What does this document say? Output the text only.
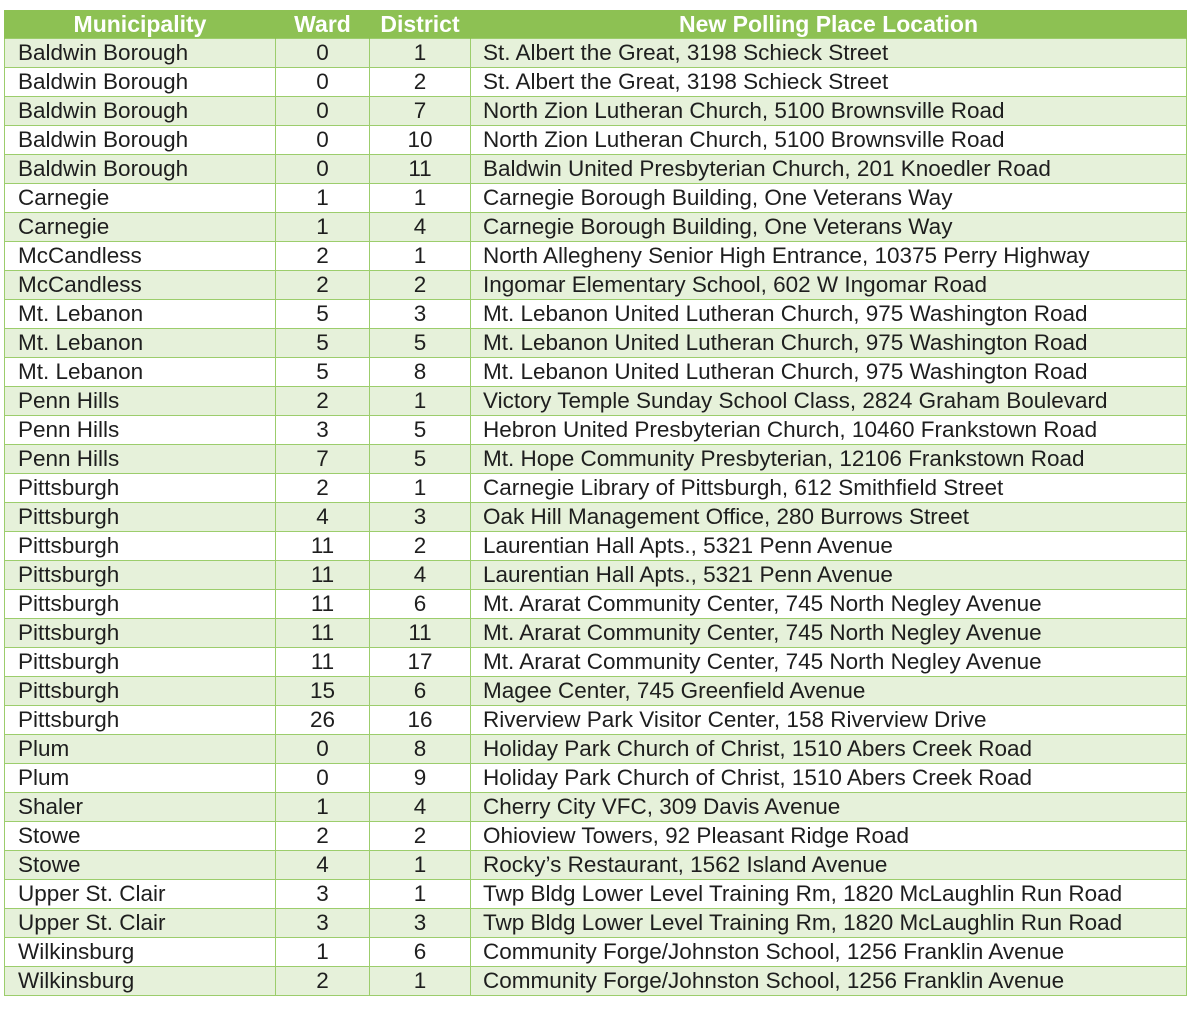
Municipality	Ward	District	New Polling Place Location
Baldwin Borough	0	1	St. Albert the Great, 3198 Schieck Street
Baldwin Borough	0	2	St. Albert the Great, 3198 Schieck Street
Baldwin Borough	0	7	North Zion Lutheran Church, 5100 Brownsville Road
Baldwin Borough	0	10	North Zion Lutheran Church, 5100 Brownsville Road
Baldwin Borough	0	11	Baldwin United Presbyterian Church, 201 Knoedler Road
Carnegie	1	1	Carnegie Borough Building, One Veterans Way
Carnegie	1	4	Carnegie Borough Building, One Veterans Way
McCandless	2	1	North Allegheny Senior High Entrance, 10375 Perry Highway
McCandless	2	2	Ingomar Elementary School, 602 W Ingomar Road
Mt. Lebanon	5	3	Mt. Lebanon United Lutheran Church, 975 Washington Road
Mt. Lebanon	5	5	Mt. Lebanon United Lutheran Church, 975 Washington Road
Mt. Lebanon	5	8	Mt. Lebanon United Lutheran Church, 975 Washington Road
Penn Hills	2	1	Victory Temple Sunday School Class, 2824 Graham Boulevard
Penn Hills	3	5	Hebron United Presbyterian Church, 10460 Frankstown Road
Penn Hills	7	5	Mt. Hope Community Presbyterian, 12106 Frankstown Road
Pittsburgh	2	1	Carnegie Library of Pittsburgh, 612 Smithfield Street
Pittsburgh	4	3	Oak Hill Management Office, 280 Burrows Street
Pittsburgh	11	2	Laurentian Hall Apts., 5321 Penn Avenue
Pittsburgh	11	4	Laurentian Hall Apts., 5321 Penn Avenue
Pittsburgh	11	6	Mt. Ararat Community Center, 745 North Negley Avenue
Pittsburgh	11	11	Mt. Ararat Community Center, 745 North Negley Avenue
Pittsburgh	11	17	Mt. Ararat Community Center, 745 North Negley Avenue
Pittsburgh	15	6	Magee Center, 745 Greenfield Avenue
Pittsburgh	26	16	Riverview Park Visitor Center, 158 Riverview Drive
Plum	0	8	Holiday Park Church of Christ, 1510 Abers Creek Road
Plum	0	9	Holiday Park Church of Christ, 1510 Abers Creek Road
Shaler	1	4	Cherry City VFC, 309 Davis Avenue
Stowe	2	2	Ohioview Towers, 92 Pleasant Ridge Road
Stowe	4	1	Rocky’s Restaurant, 1562 Island Avenue
Upper St. Clair	3	1	Twp Bldg Lower Level Training Rm, 1820 McLaughlin Run Road
Upper St. Clair	3	3	Twp Bldg Lower Level Training Rm, 1820 McLaughlin Run Road
Wilkinsburg	1	6	Community Forge/Johnston School, 1256 Franklin Avenue
Wilkinsburg	2	1	Community Forge/Johnston School, 1256 Franklin Avenue
